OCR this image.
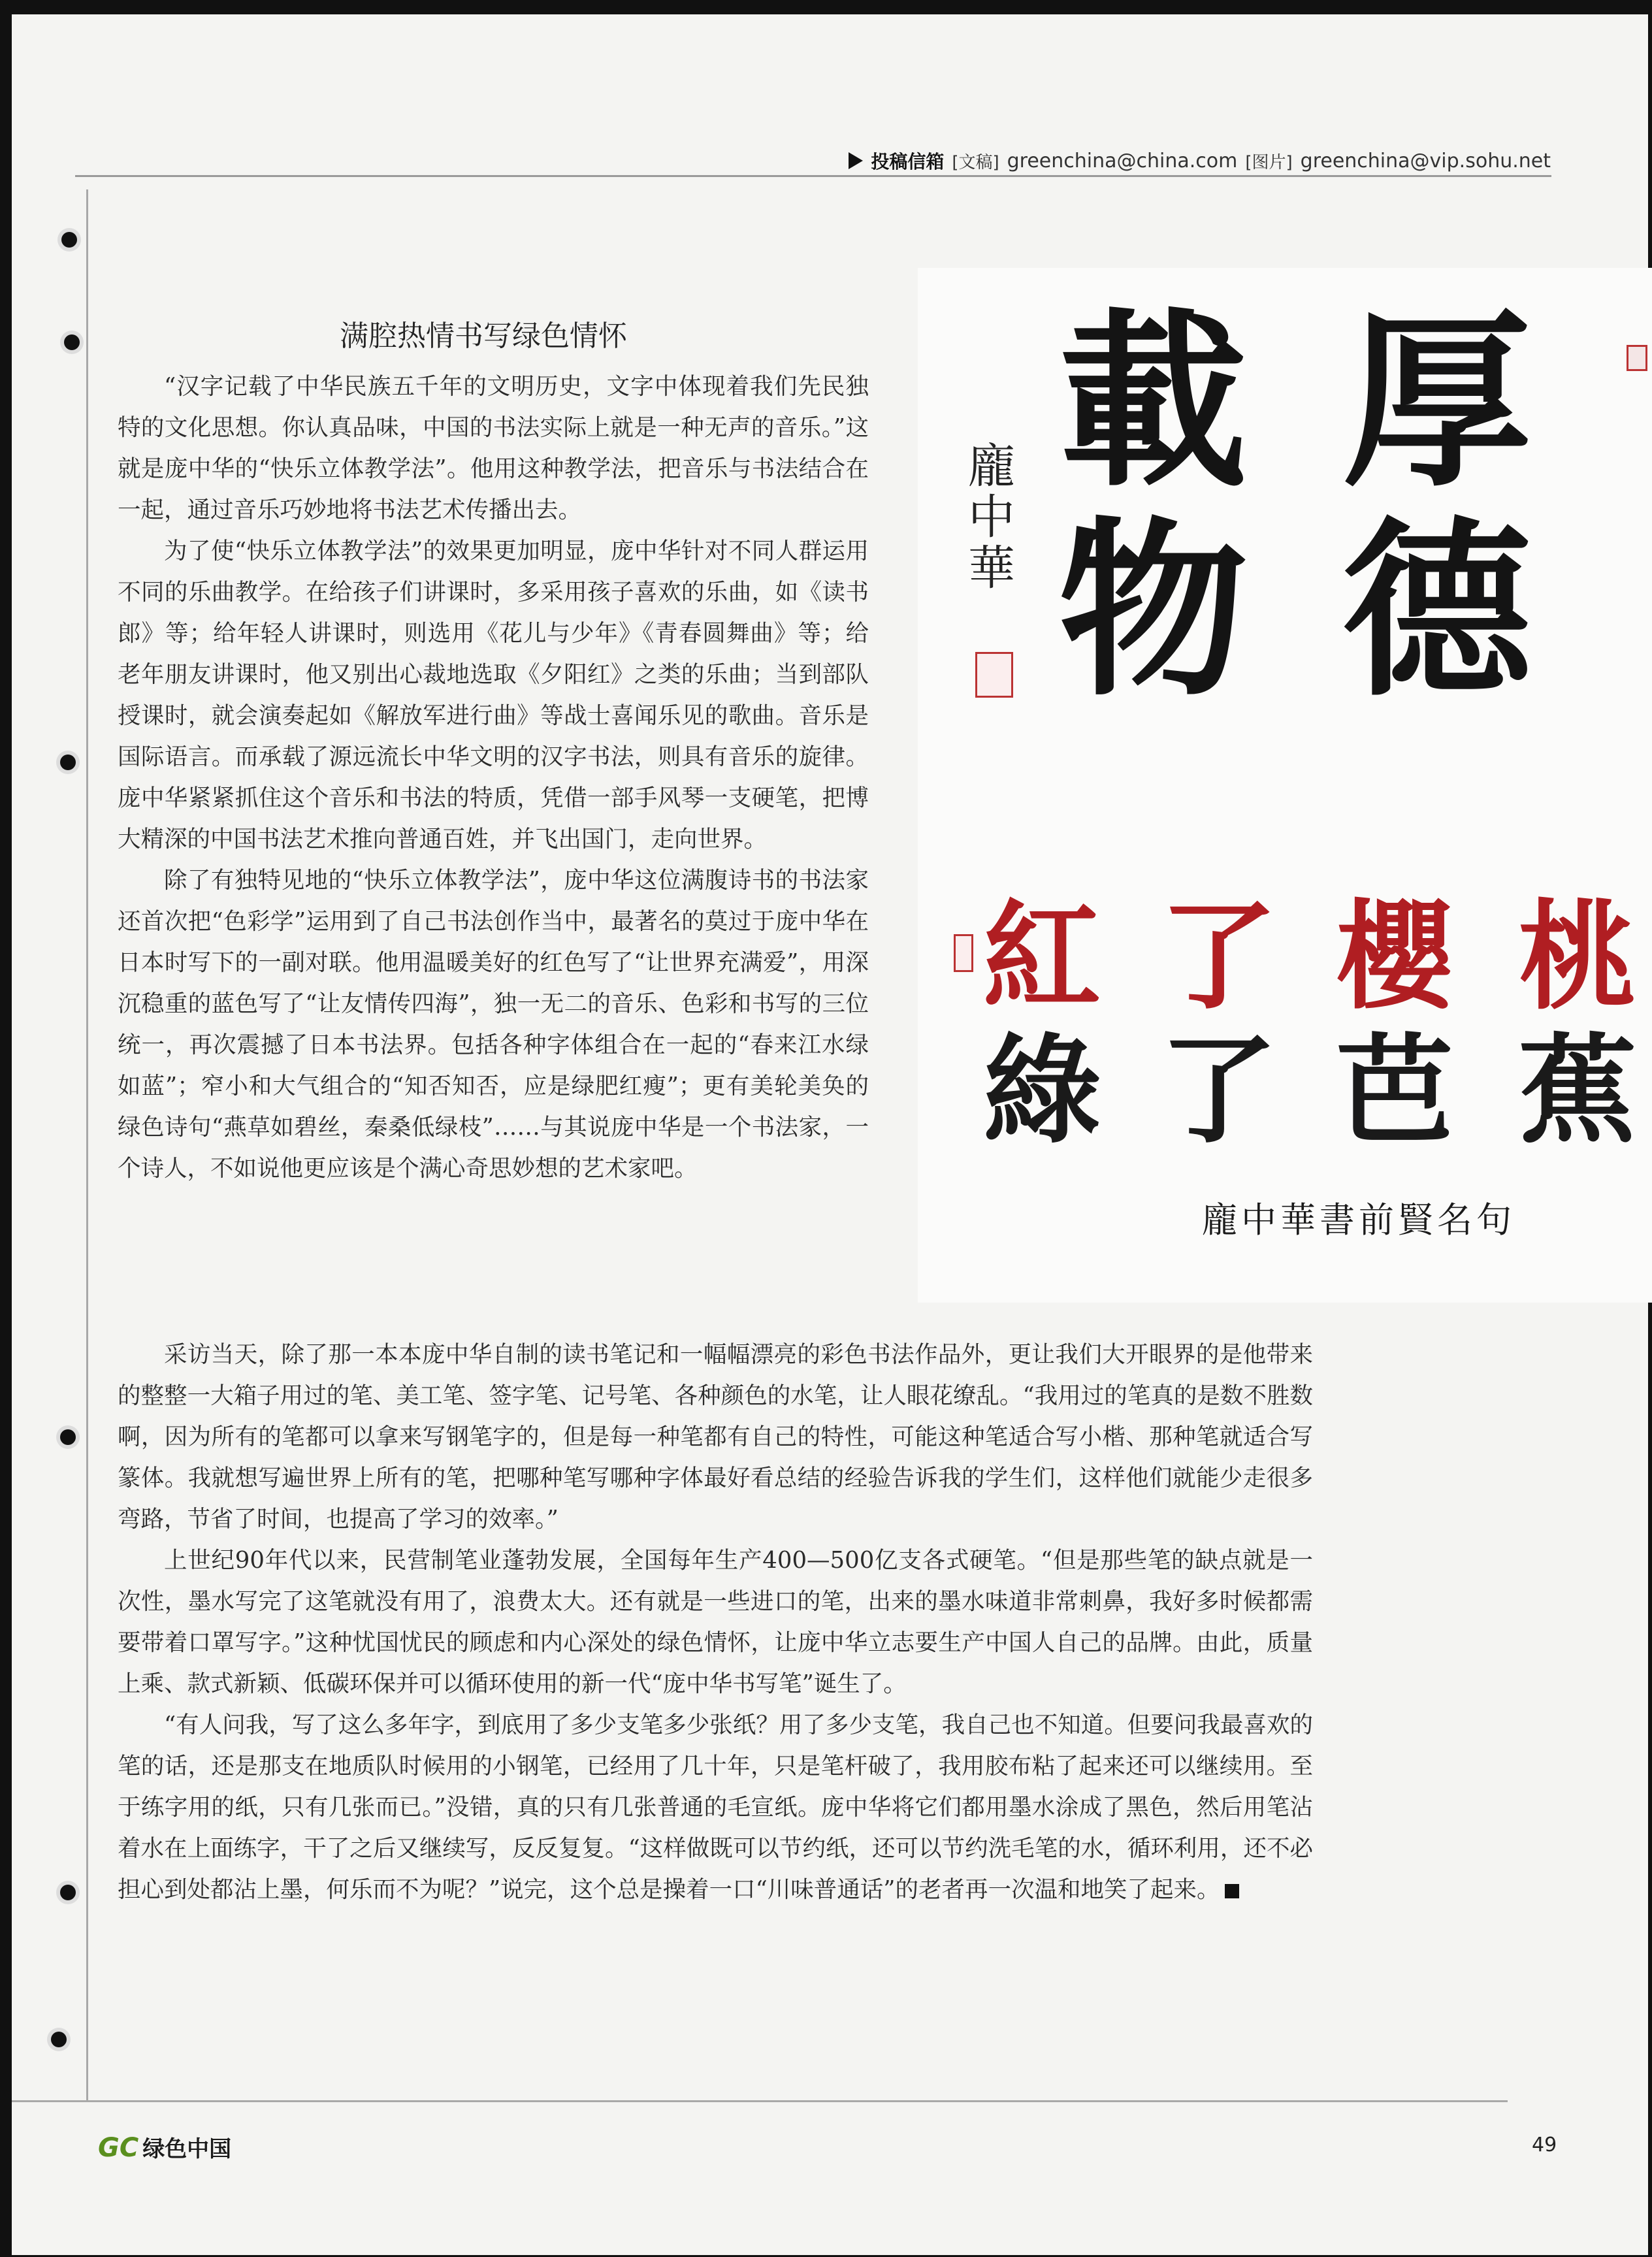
投稿信箱 [文稿] greenchina@china.com [图片] greenchina@vip.sohu.net
满腔热情书写绿色情怀

“汉字记载了中华民族五千年的文明历史，文字中体现着我们先民独特的文化思想。你认真品味，中国的书法实际上就是一种无声的音乐。”这就是庞中华的“快乐立体教学法”。他用这种教学法，把音乐与书法结合在一起，通过音乐巧妙地将书法艺术传播出去。

为了使“快乐立体教学法”的效果更加明显，庞中华针对不同人群运用不同的乐曲教学。在给孩子们讲课时，多采用孩子喜欢的乐曲，如《读书郎》等；给年轻人讲课时，则选用《花儿与少年》《青春圆舞曲》等；给老年朋友讲课时，他又别出心裁地选取《夕阳红》之类的乐曲；当到部队授课时，就会演奏起如《解放军进行曲》等战士喜闻乐见的歌曲。音乐是国际语言。而承载了源远流长中华文明的汉字书法，则具有音乐的旋律。庞中华紧紧抓住这个音乐和书法的特质，凭借一部手风琴一支硬笔，把博大精深的中国书法艺术推向普通百姓，并飞出国门，走向世界。

除了有独特见地的“快乐立体教学法”，庞中华这位满腹诗书的书法家还首次把“色彩学”运用到了自己书法创作当中，最著名的莫过于庞中华在日本时写下的一副对联。他用温暖美好的红色写了“让世界充满爱”，用深沉稳重的蓝色写了“让友情传四海”，独一无二的音乐、色彩和书写的三位统一，再次震撼了日本书法界。包括各种字体组合在一起的“春来江水绿如蓝”；窄小和大气组合的“知否知否，应是绿肥红瘦”；更有美轮美奂的绿色诗句“燕草如碧丝，秦桑低绿枝”……与其说庞中华是一个书法家，一个诗人，不如说他更应该是个满心奇思妙想的艺术家吧。

厚
德
載
物
龐中華
桃
櫻
了
紅
蕉
芭
了
綠
龐中華書前賢名句

采访当天，除了那一本本庞中华自制的读书笔记和一幅幅漂亮的彩色书法作品外，更让我们大开眼界的是他带来的整整一大箱子用过的笔、美工笔、签字笔、记号笔、各种颜色的水笔，让人眼花缭乱。“我用过的笔真的是数不胜数啊，因为所有的笔都可以拿来写钢笔字的，但是每一种笔都有自己的特性，可能这种笔适合写小楷、那种笔就适合写篆体。我就想写遍世界上所有的笔，把哪种笔写哪种字体最好看总结的经验告诉我的学生们，这样他们就能少走很多弯路，节省了时间，也提高了学习的效率。”

上世纪90年代以来，民营制笔业蓬勃发展，全国每年生产400—500亿支各式硬笔。“但是那些笔的缺点就是一次性，墨水写完了这笔就没有用了，浪费太大。还有就是一些进口的笔，出来的墨水味道非常刺鼻，我好多时候都需要带着口罩写字。”这种忧国忧民的顾虑和内心深处的绿色情怀，让庞中华立志要生产中国人自己的品牌。由此，质量上乘、款式新颖、低碳环保并可以循环使用的新一代“庞中华书写笔”诞生了。

“有人问我，写了这么多年字，到底用了多少支笔多少张纸？用了多少支笔，我自己也不知道。但要问我最喜欢的笔的话，还是那支在地质队时候用的小钢笔，已经用了几十年，只是笔杆破了，我用胶布粘了起来还可以继续用。至于练字用的纸，只有几张而已。”没错，真的只有几张普通的毛宣纸。庞中华将它们都用墨水涂成了黑色，然后用笔沾着水在上面练字，干了之后又继续写，反反复复。“这样做既可以节约纸，还可以节约洗毛笔的水，循环利用，还不必担心到处都沾上墨，何乐而不为呢？”说完，这个总是操着一口“川味普通话”的老者再一次温和地笑了起来。

GC 绿色中国	49
